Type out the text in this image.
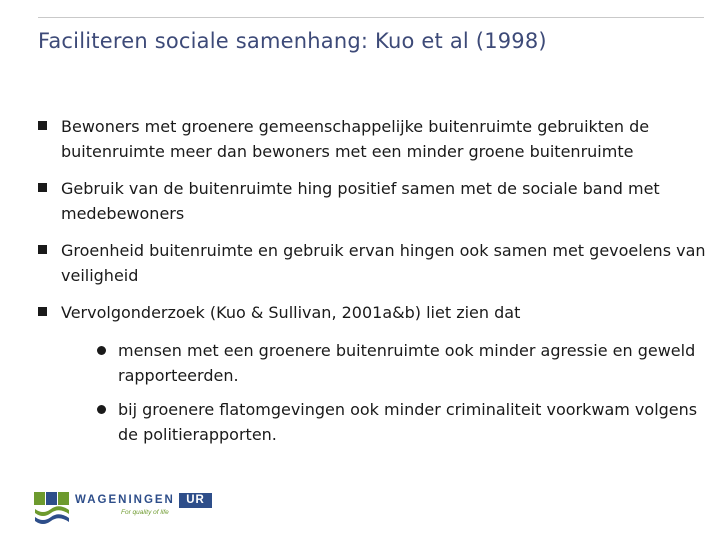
Faciliteren sociale samenhang: Kuo et al (1998)
Bewoners met groenere gemeenschappelijke buitenruimte gebruikten de buitenruimte meer dan bewoners met een minder groene buitenruimte
Gebruik van de buitenruimte hing positief samen met de sociale band met medebewoners
Groenheid buitenruimte en gebruik ervan hingen ook samen met gevoelens van veiligheid
Vervolgonderzoek (Kuo & Sullivan, 2001a&b) liet zien dat
mensen met een groenere buitenruimte ook minder agressie en geweld rapporteerden.
bij groenere flatomgevingen ook minder criminaliteit voorkwam volgens de politierapporten.
WAGENINGEN UR
For quality of life
